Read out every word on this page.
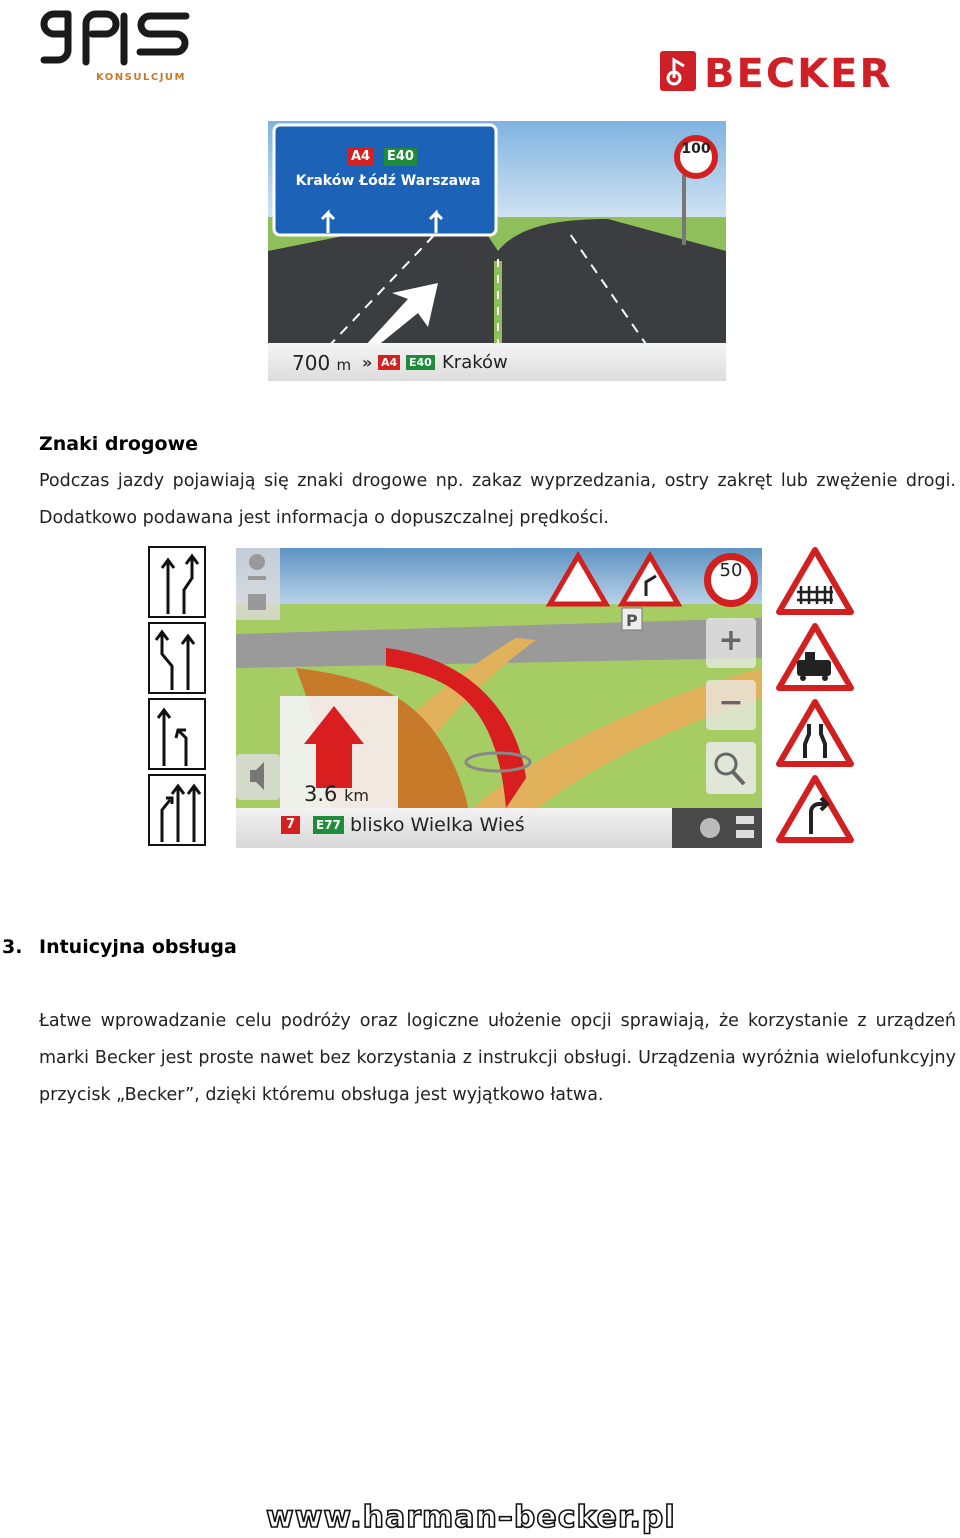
KONSULCJUM	BECKER
A4 E40
Kraków Łódź Warszawa
100
700 m » A4 E40 Kraków
Znaki drogowe

Podczas jazdy pojawiają się znaki drogowe np. zakaz wyprzedzania, ostry zakręt lub zwężenie drogi. Dodatkowo podawana jest informacja o dopuszczalnej prędkości.

P
50
+
−
3.6 km
7	E77 blisko Wielka Wieś
3. Intuicyjna obsługa

Łatwe wprowadzanie celu podróży oraz logiczne ułożenie opcji sprawiają, że korzystanie z urządzeń marki Becker jest proste nawet bez korzystania z instrukcji obsługi. Urządzenia wyróżnia wielofunkcyjny przycisk „Becker”, dzięki któremu obsługa jest wyjątkowo łatwa.

www.harman–becker.pl
